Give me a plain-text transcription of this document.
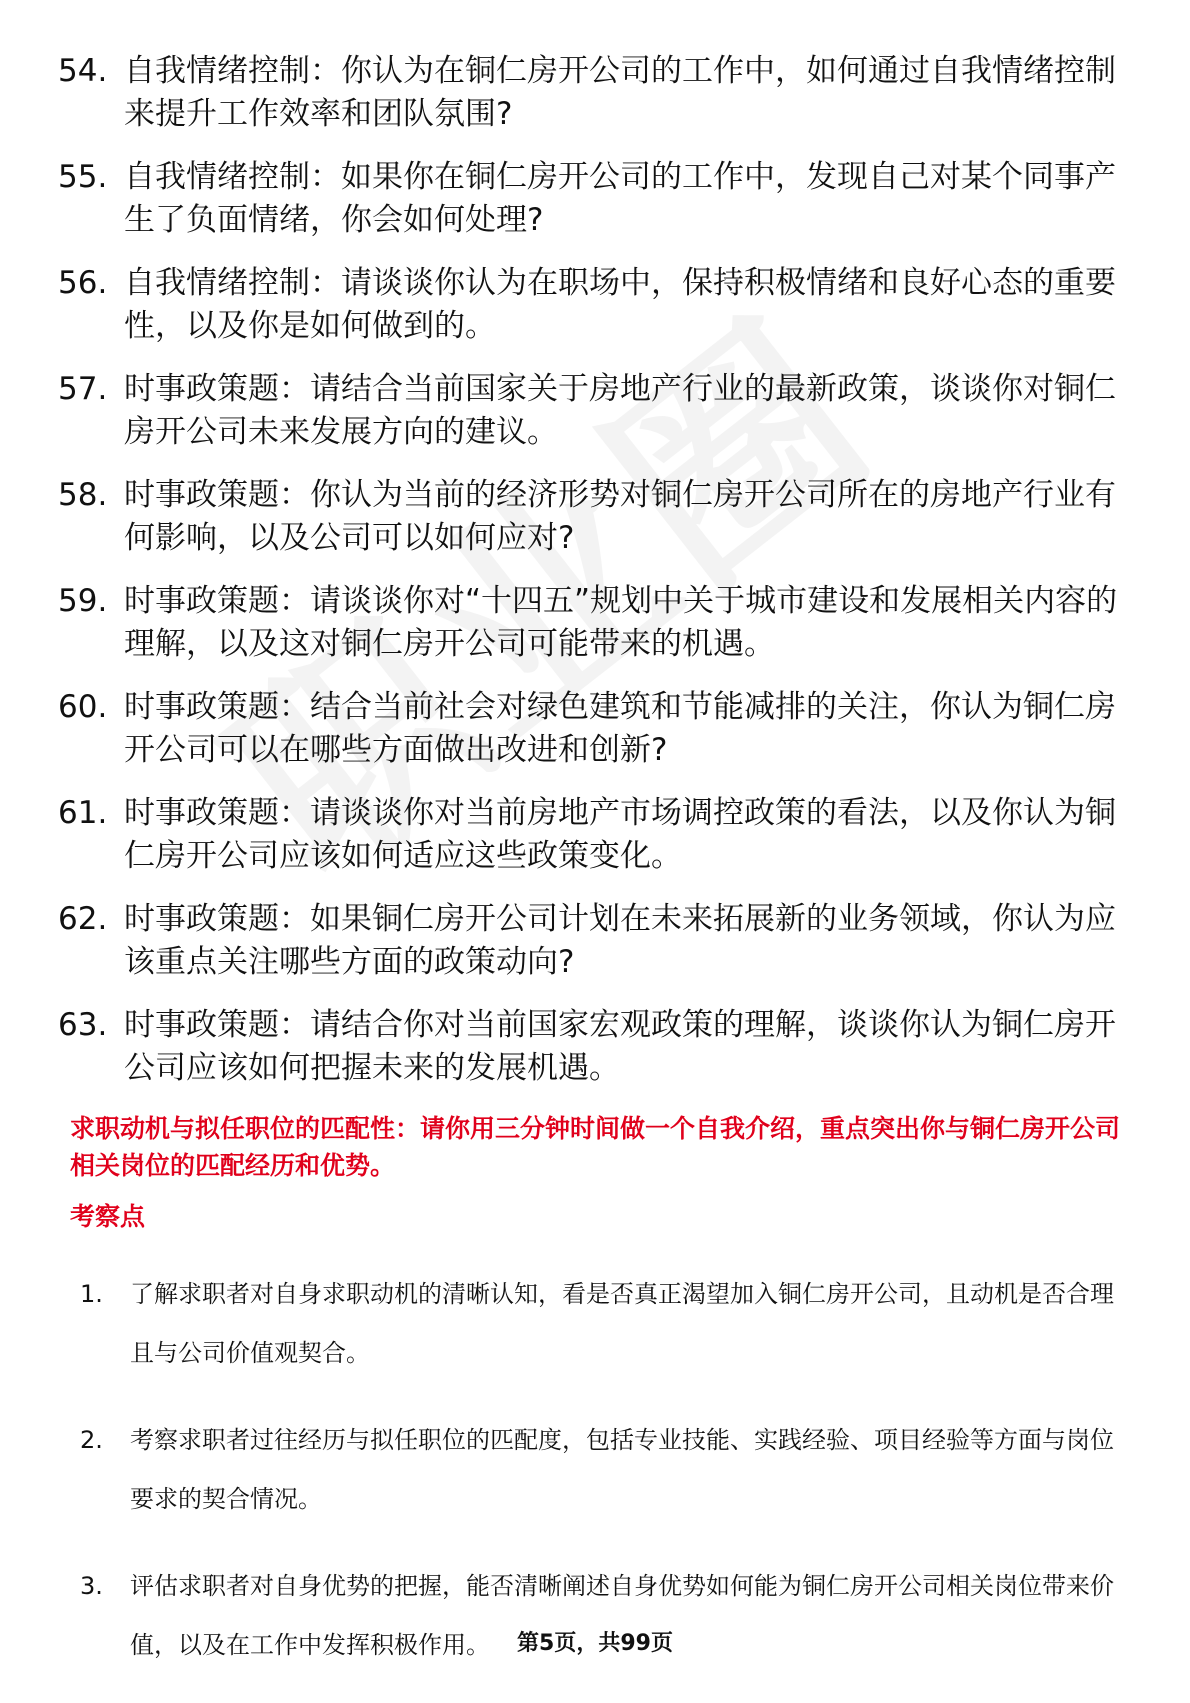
54. 自我情绪控制：你认为在铜仁房开公司的工作中，如何通过自我情绪控制来提升工作效率和团队氛围?
55. 自我情绪控制：如果你在铜仁房开公司的工作中，发现自己对某个同事产生了负面情绪，你会如何处理?
56. 自我情绪控制：请谈谈你认为在职场中，保持积极情绪和良好心态的重要性，以及你是如何做到的。
57. 时事政策题：请结合当前国家关于房地产行业的最新政策，谈谈你对铜仁房开公司未来发展方向的建议。
58. 时事政策题：你认为当前的经济形势对铜仁房开公司所在的房地产行业有何影响，以及公司可以如何应对?
59. 时事政策题：请谈谈你对“十四五”规划中关于城市建设和发展相关内容的理解，以及这对铜仁房开公司可能带来的机遇。
60. 时事政策题：结合当前社会对绿色建筑和节能减排的关注，你认为铜仁房开公司可以在哪些方面做出改进和创新?
61. 时事政策题：请谈谈你对当前房地产市场调控政策的看法，以及你认为铜仁房开公司应该如何适应这些政策变化。
62. 时事政策题：如果铜仁房开公司计划在未来拓展新的业务领域，你认为应该重点关注哪些方面的政策动向?
63. 时事政策题：请结合你对当前国家宏观政策的理解，谈谈你认为铜仁房开公司应该如何把握未来的发展机遇。
求职动机与拟任职位的匹配性：请你用三分钟时间做一个自我介绍，重点突出你与铜仁房开公司相关岗位的匹配经历和优势。
考察点
1.	了解求职者对自身求职动机的清晰认知，看是否真正渴望加入铜仁房开公司，且动机是否合理且与公司价值观契合。
2.	考察求职者过往经历与拟任职位的匹配度，包括专业技能、实践经验、项目经验等方面与岗位要求的契合情况。
3.	评估求职者对自身优势的把握，能否清晰阐述自身优势如何能为铜仁房开公司相关岗位带来价值，以及在工作中发挥积极作用。	第5页，共99页
